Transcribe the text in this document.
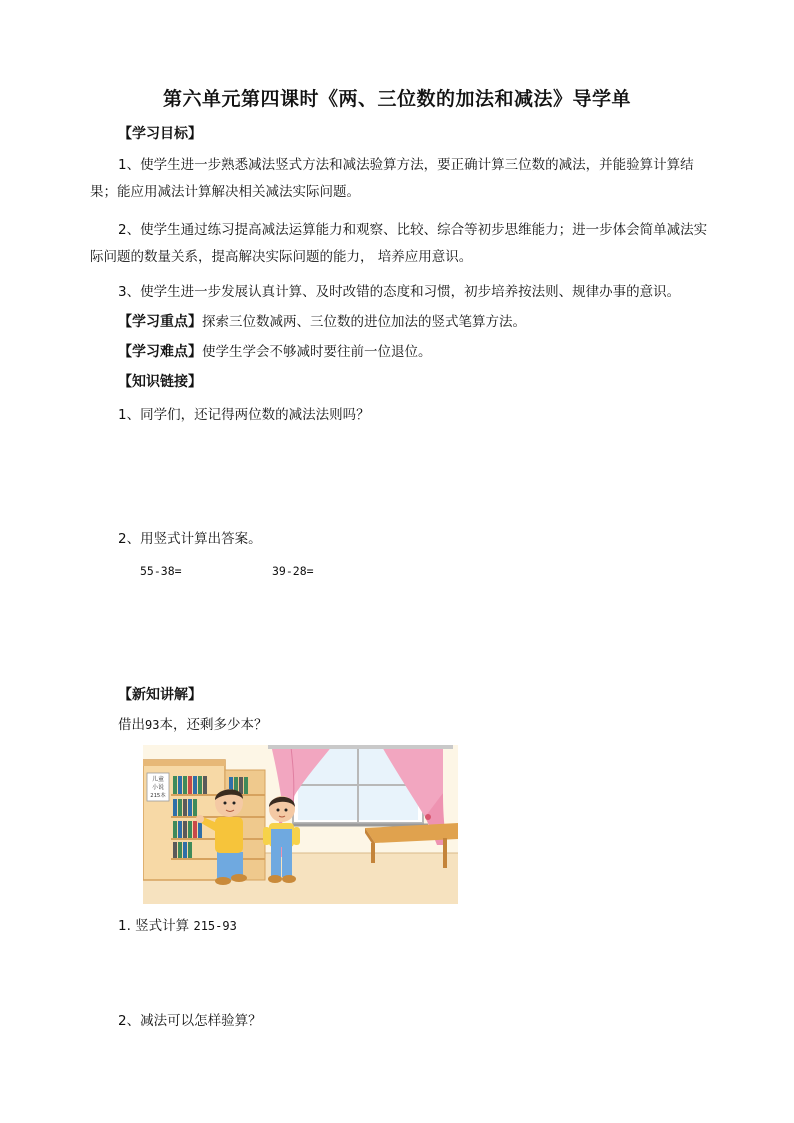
第六单元第四课时《两、三位数的加法和减法》导学单
【学习目标】
1、使学生进一步熟悉减法竖式方法和减法验算方法，要正确计算三位数的减法，并能验算计算结果；能应用减法计算解决相关减法实际问题。
2、使学生通过练习提高减法运算能力和观察、比较、综合等初步思维能力；进一步体会简单减法实际问题的数量关系，提高解决实际问题的能力， 培养应用意识。
3、使学生进一步发展认真计算、及时改错的态度和习惯，初步培养按法则、规律办事的意识。
【学习重点】探索三位数减两、三位数的进位加法的竖式笔算方法。
【学习难点】使学生学会不够减时要往前一位退位。
【知识链接】
1、同学们，还记得两位数的减法法则吗？
2、用竖式计算出答案。
55-38=	39-28=
【新知讲解】
借出93本，还剩多少本？
儿童
小说
215本
1. 竖式计算 215-93
2、减法可以怎样验算？
